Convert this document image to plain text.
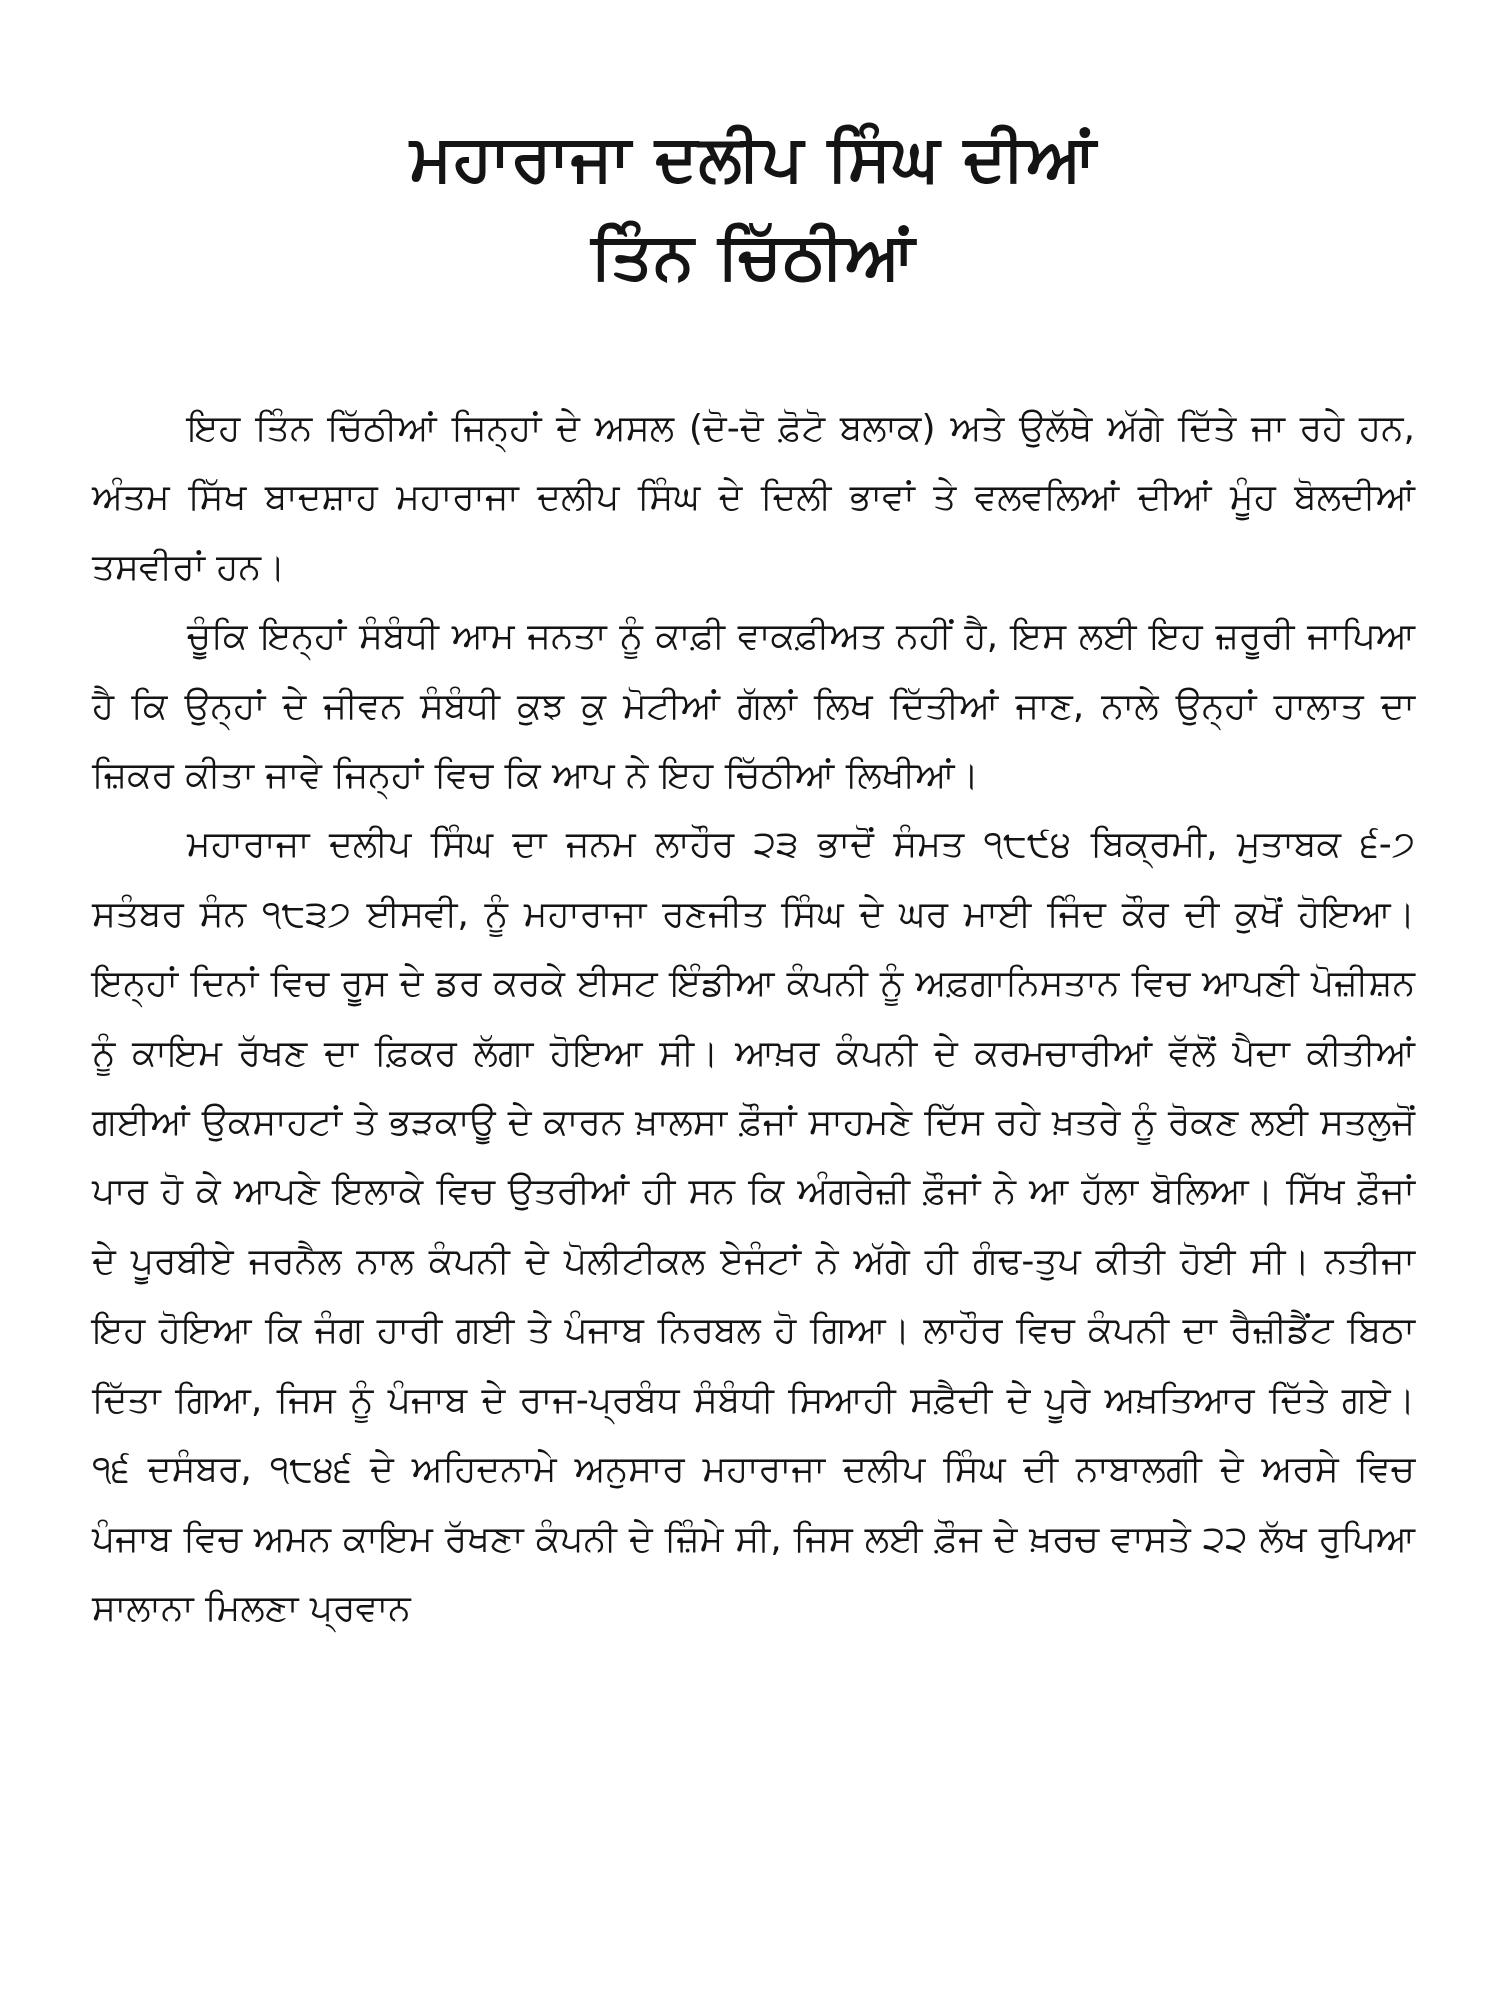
ਮਹਾਰਾਜਾ ਦਲੀਪ ਸਿੰਘ ਦੀਆਂ
ਤਿੰਨ ਚਿੱਠੀਆਂ

ਇਹ ਤਿੰਨ ਚਿੱਠੀਆਂ ਜਿਨ੍ਹਾਂ ਦੇ ਅਸਲ (ਦੋ-ਦੋ ਫ਼ੋਟੋ ਬਲਾਕ) ਅਤੇ ਉਲੱਥੇ ਅੱਗੇ ਦਿੱਤੇ ਜਾ ਰਹੇ ਹਨ, ਅੰਤਮ ਸਿੱਖ ਬਾਦਸ਼ਾਹ ਮਹਾਰਾਜਾ ਦਲੀਪ ਸਿੰਘ ਦੇ ਦਿਲੀ ਭਾਵਾਂ ਤੇ ਵਲਵਲਿਆਂ ਦੀਆਂ ਮੂੰਹ ਬੋਲਦੀਆਂ ਤਸਵੀਰਾਂ ਹਨ।

ਚੂੰਕਿ ਇਨ੍ਹਾਂ ਸੰਬੰਧੀ ਆਮ ਜਨਤਾ ਨੂੰ ਕਾਫ਼ੀ ਵਾਕਫ਼ੀਅਤ ਨਹੀਂ ਹੈ, ਇਸ ਲਈ ਇਹ ਜ਼ਰੂਰੀ ਜਾਪਿਆ ਹੈ ਕਿ ਉਨ੍ਹਾਂ ਦੇ ਜੀਵਨ ਸੰਬੰਧੀ ਕੁਝ ਕੁ ਮੋਟੀਆਂ ਗੱਲਾਂ ਲਿਖ ਦਿੱਤੀਆਂ ਜਾਣ, ਨਾਲੇ ਉਨ੍ਹਾਂ ਹਾਲਾਤ ਦਾ ਜ਼ਿਕਰ ਕੀਤਾ ਜਾਵੇ ਜਿਨ੍ਹਾਂ ਵਿਚ ਕਿ ਆਪ ਨੇ ਇਹ ਚਿੱਠੀਆਂ ਲਿਖੀਆਂ।

ਮਹਾਰਾਜਾ ਦਲੀਪ ਸਿੰਘ ਦਾ ਜਨਮ ਲਾਹੌਰ ੨੩ ਭਾਦੋਂ ਸੰਮਤ ੧੮੯੪ ਬਿਕ੍ਰਮੀ, ਮੁਤਾਬਕ ੬-੭ ਸਤੰਬਰ ਸੰਨ ੧੮੩੭ ਈਸਵੀ, ਨੂੰ ਮਹਾਰਾਜਾ ਰਣਜੀਤ ਸਿੰਘ ਦੇ ਘਰ ਮਾਈ ਜਿੰਦ ਕੌਰ ਦੀ ਕੁਖੋਂ ਹੋਇਆ। ਇਨ੍ਹਾਂ ਦਿਨਾਂ ਵਿਚ ਰੂਸ ਦੇ ਡਰ ਕਰਕੇ ਈਸਟ ਇੰਡੀਆ ਕੰਪਨੀ ਨੂੰ ਅਫ਼ਗਾਨਿਸਤਾਨ ਵਿਚ ਆਪਣੀ ਪੋਜ਼ੀਸ਼ਨ ਨੂੰ ਕਾਇਮ ਰੱਖਣ ਦਾ ਫ਼ਿਕਰ ਲੱਗਾ ਹੋਇਆ ਸੀ। ਆਖ਼ਰ ਕੰਪਨੀ ਦੇ ਕਰਮਚਾਰੀਆਂ ਵੱਲੋਂ ਪੈਦਾ ਕੀਤੀਆਂ ਗਈਆਂ ਉਕਸਾਹਟਾਂ ਤੇ ਭੜਕਾਊ ਦੇ ਕਾਰਨ ਖ਼ਾਲਸਾ ਫ਼ੌਜਾਂ ਸਾਹਮਣੇ ਦਿੱਸ ਰਹੇ ਖ਼ਤਰੇ ਨੂੰ ਰੋਕਣ ਲਈ ਸਤਲੁਜੋਂ ਪਾਰ ਹੋ ਕੇ ਆਪਣੇ ਇਲਾਕੇ ਵਿਚ ਉਤਰੀਆਂ ਹੀ ਸਨ ਕਿ ਅੰਗਰੇਜ਼ੀ ਫ਼ੌਜਾਂ ਨੇ ਆ ਹੱਲਾ ਬੋਲਿਆ। ਸਿੱਖ ਫ਼ੌਜਾਂ ਦੇ ਪੂਰਬੀਏ ਜਰਨੈਲ ਨਾਲ ਕੰਪਨੀ ਦੇ ਪੋਲੀਟੀਕਲ ਏਜੰਟਾਂ ਨੇ ਅੱਗੇ ਹੀ ਗੰਢ-ਤੁਪ ਕੀਤੀ ਹੋਈ ਸੀ। ਨਤੀਜਾ ਇਹ ਹੋਇਆ ਕਿ ਜੰਗ ਹਾਰੀ ਗਈ ਤੇ ਪੰਜਾਬ ਨਿਰਬਲ ਹੋ ਗਿਆ। ਲਾਹੌਰ ਵਿਚ ਕੰਪਨੀ ਦਾ ਰੈਜ਼ੀਡੈਂਟ ਬਿਠਾ ਦਿੱਤਾ ਗਿਆ, ਜਿਸ ਨੂੰ ਪੰਜਾਬ ਦੇ ਰਾਜ-ਪ੍ਰਬੰਧ ਸੰਬੰਧੀ ਸਿਆਹੀ ਸਫ਼ੈਦੀ ਦੇ ਪੂਰੇ ਅਖ਼ਤਿਆਰ ਦਿੱਤੇ ਗਏ। ੧੬ ਦਸੰਬਰ, ੧੮੪੬ ਦੇ ਅਹਿਦਨਾਮੇ ਅਨੁਸਾਰ ਮਹਾਰਾਜਾ ਦਲੀਪ ਸਿੰਘ ਦੀ ਨਾਬਾਲਗੀ ਦੇ ਅਰਸੇ ਵਿਚ ਪੰਜਾਬ ਵਿਚ ਅਮਨ ਕਾਇਮ ਰੱਖਣਾ ਕੰਪਨੀ ਦੇ ਜ਼ਿੰਮੇ ਸੀ, ਜਿਸ ਲਈ ਫ਼ੌਜ ਦੇ ਖ਼ਰਚ ਵਾਸਤੇ ੨੨ ਲੱਖ ਰੁਪਿਆ ਸਾਲਾਨਾ ਮਿਲਣਾ ਪ੍ਰਵਾਨ
